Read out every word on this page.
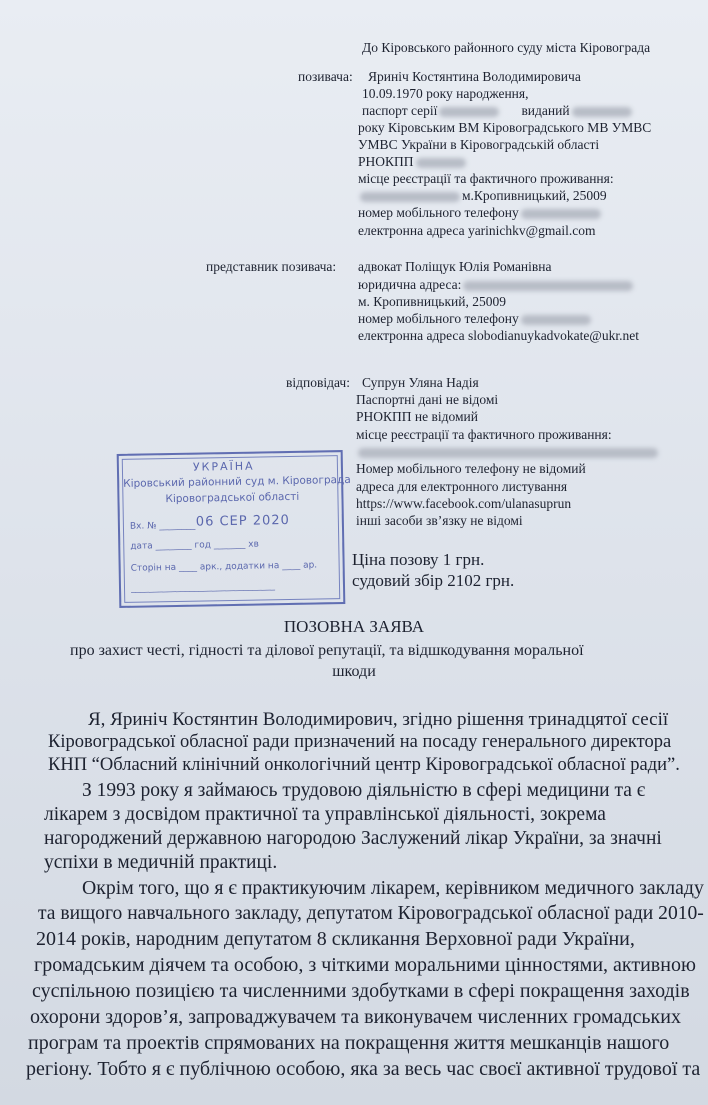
До Кіровського районного суду міста Кіровограда
позивача: Яриніч Костянтина Володимировича
10.09.1970 року народження,
паспорт серії	виданий
року Кіровським ВМ Кіровоградського МВ УМВС
УМВС України в Кіровоградській області
РНОКПП
місце реєстрації та фактичного проживання:
м.Кропивницький, 25009
номер мобільного телефону
електронна адреса yarinichkv@gmail.com
представник позивача: адвокат Поліщук Юлія Романівна
юридична адреса:
м. Кропивницький, 25009
номер мобільного телефону
електронна адреса slobodianuykadvokate@ukr.net
відповідач: Супрун Уляна Надія
Паспортні дані не відомі
РНОКПП не відомий
місце реєстрації та фактичного проживання:
Номер мобільного телефону не відомий
адреса для електронного листування
https://www.facebook.com/ulanasuprun
інші засоби зв’язку не відомі
УКРАЇНА
Кіровський районний суд м. Кіровограда
Кіровоградської області
Вх. № ________ 06 СЕР 2020
дата ________ год _______ хв
Сторін на ____ арк., додатки на ____ ар.
________________________________
Ціна позову 1 грн.
судовий збір 2102 грн.
ПОЗОВНА ЗАЯВА
про захист честі, гідності та ділової репутації, та відшкодування моральної
шкоди
Я, Яриніч Костянтин Володимирович, згідно рішення тринадцятої сесії
Кіровоградської обласної ради призначений на посаду генерального директора
КНП “Обласний клінічний онкологічний центр Кіровоградської обласної ради”.
З 1993 року я займаюсь трудовою діяльністю в сфері медицини та є
лікарем з досвідом практичної та управлінської діяльності, зокрема
нагороджений державною нагородою Заслужений лікар України, за значні
успіхи в медичній практиці.
Окрім того, що я є практикуючим лікарем, керівником медичного закладу
та вищого навчального закладу, депутатом Кіровоградської обласної ради 2010-
2014 років, народним депутатом 8 скликання Верховної ради України,
громадським діячем та особою, з чіткими моральними цінностями, активною
суспільною позицією та численними здобутками в сфері покращення заходів
охорони здоров’я, запроваджувачем та виконувачем численних громадських
програм та проектів спрямованих на покращення життя мешканців нашого
регіону. Тобто я є публічною особою, яка за весь час своєї активної трудової та
